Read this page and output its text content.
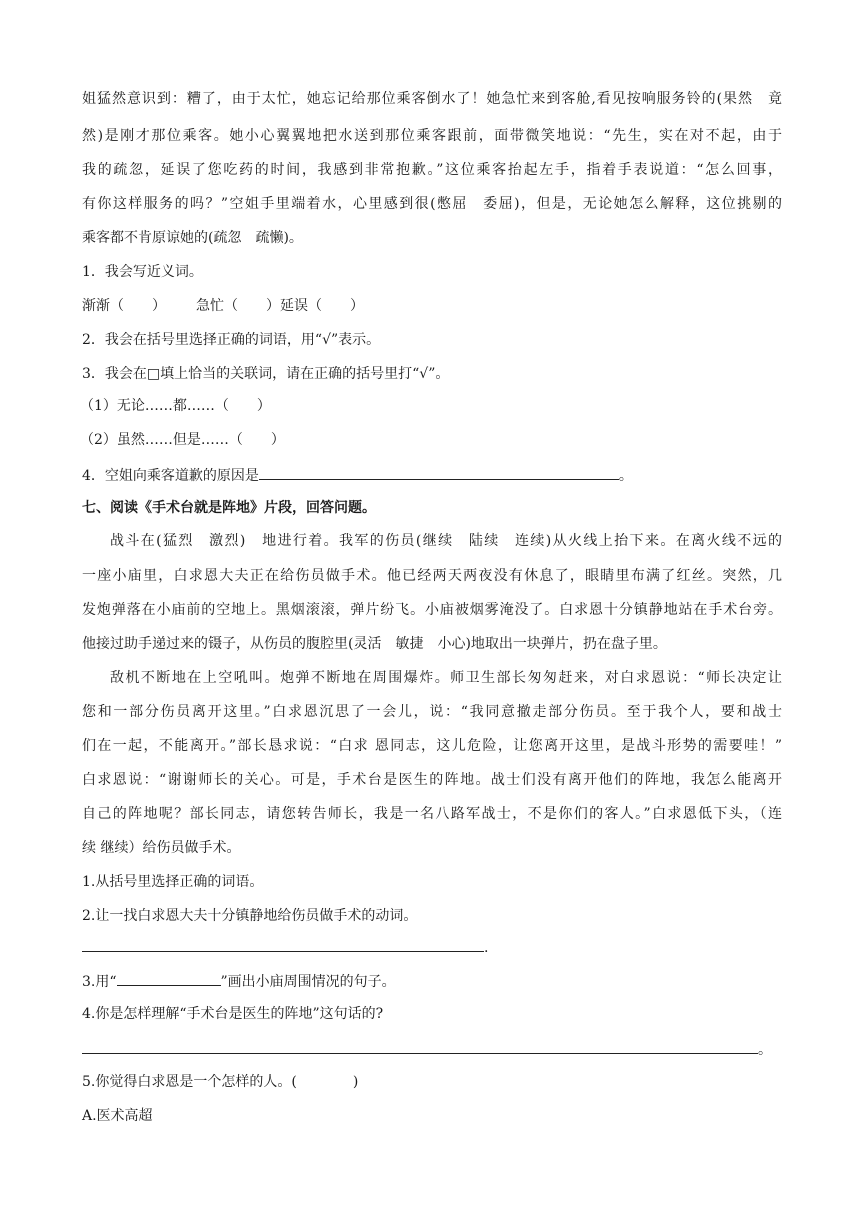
姐猛然意识到：糟了，由于太忙，她忘记给那位乘客倒水了！她急忙来到客舱,看见按响服务铃的(果然　竟
然)是刚才那位乘客。她小心翼翼地把水送到那位乘客跟前，面带微笑地说：“先生，实在对不起，由于
我的疏忽，延误了您吃药的时间，我感到非常抱歉。”这位乘客抬起左手，指着手表说道：“怎么回事，
有你这样服务的吗？”空姐手里端着水，心里感到很(憋屈　委屈)，但是，无论她怎么解释，这位挑剔的
乘客都不肯原谅她的(疏忽　疏懒)。
1．我会写近义词。
渐渐（　　） 急忙（　　）延误（　　）
2．我会在括号里选择正确的词语，用“√”表示。
3．我会在□填上恰当的关联词，请在正确的括号里打“√”。
（1）无论……都……（　　）
（2）虽然……但是……（　　）
4．空姐向乘客道歉的原因是	。
七、阅读《手术台就是阵地》片段，回答问题。
战斗在(猛烈　激烈)　地进行着。我军的伤员(继续　陆续　连续)从火线上抬下来。在离火线不远的
一座小庙里，白求恩大夫正在给伤员做手术。他已经两天两夜没有休息了，眼睛里布满了红丝。突然，几
发炮弹落在小庙前的空地上。黑烟滚滚，弹片纷飞。小庙被烟雾淹没了。白求恩十分镇静地站在手术台旁。
他接过助手递过来的镊子，从伤员的腹腔里(灵活　敏捷　小心)地取出一块弹片，扔在盘子里。
敌机不断地在上空吼叫。炮弹不断地在周围爆炸。师卫生部长匆匆赶来，对白求恩说：“师长决定让
您和一部分伤员离开这里。”白求恩沉思了一会儿，说：“我同意撤走部分伤员。至于我个人，要和战士
们在一起，不能离开。”部长恳求说：“白求 恩同志，这儿危险，让您离开这里，是战斗形势的需要哇！”
白求恩说：“谢谢师长的关心。可是，手术台是医生的阵地。战士们没有离开他们的阵地，我怎么能离开
自己的阵地呢？部长同志，请您转告师长，我是一名八路军战士，不是你们的客人。”白求恩低下头，（连
续 继续）给伤员做手术。
1.从括号里选择正确的词语。
2.让一找白求恩大夫十分镇静地给伤员做手术的动词。
.
3.用“	”画出小庙周围情况的句子。
4.你是怎样理解“手术台是医生的阵地”这句话的?
。
5.你觉得白求恩是一个怎样的人。(　　　　)
A.医术高超
